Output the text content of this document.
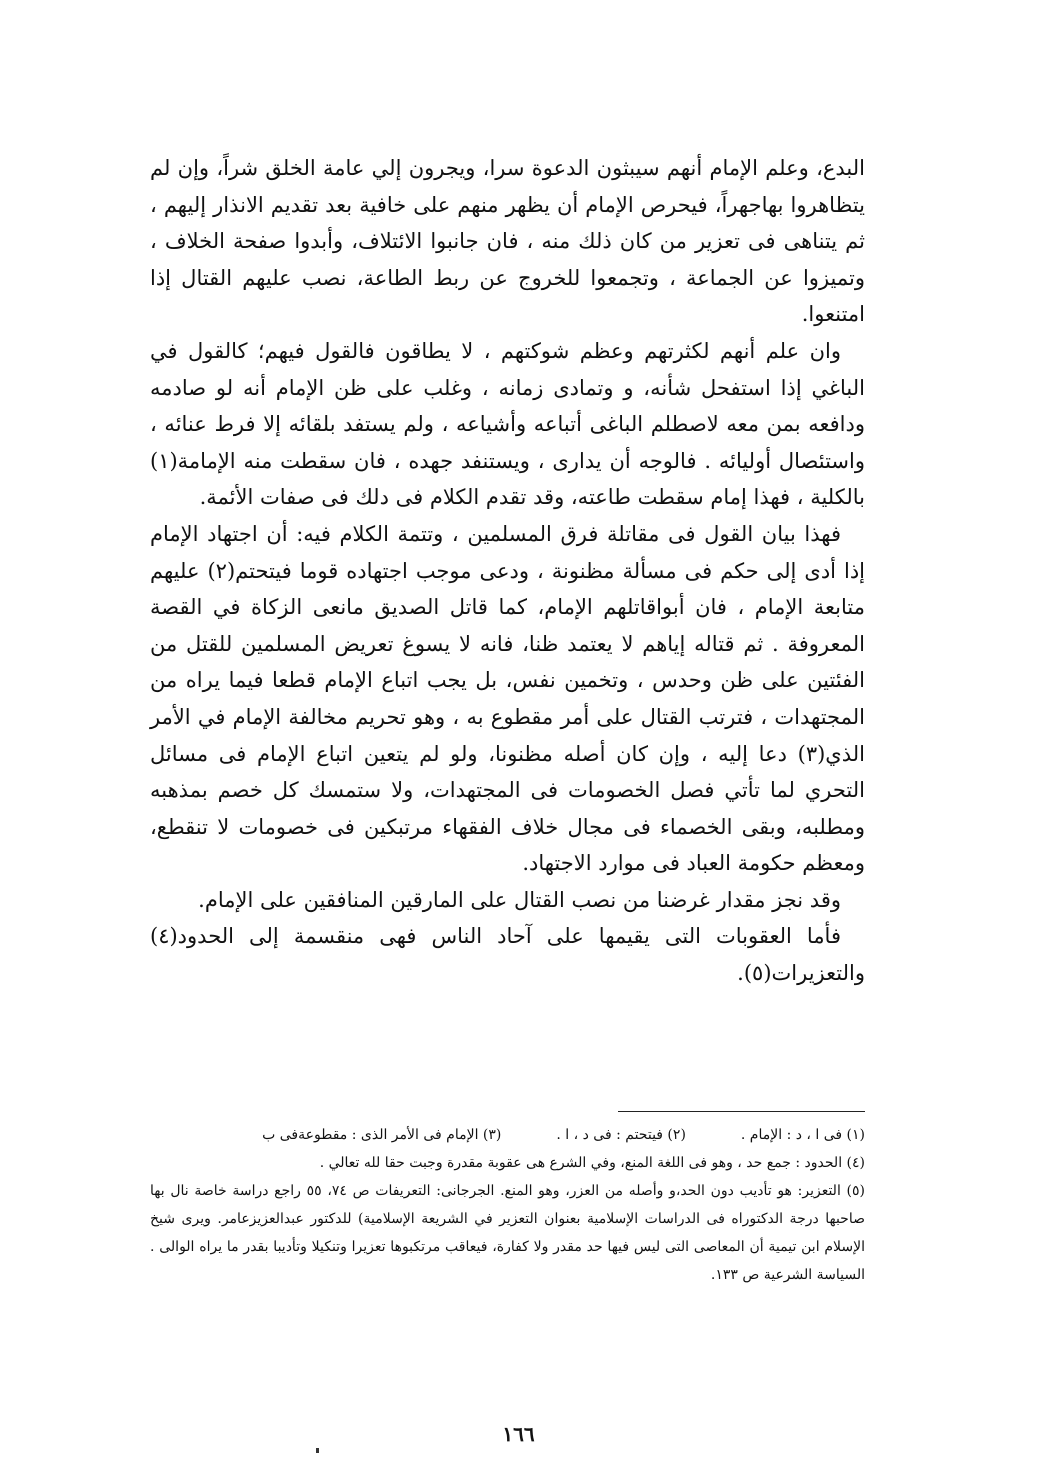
البدع، وعلم الإمام أنهم سيبثون الدعوة سرا، ويجرون إلي عامة الخلق شراً، وإن لم يتظاهروا بهاجهراً، فيحرص الإمام أن يظهر منهم على خافية بعد تقديم الانذار إليهم ، ثم يتناهى فى تعزير من كان ذلك منه ، فان جانبوا الائتلاف، وأبدوا صفحة الخلاف ، وتميزوا عن الجماعة ، وتجمعوا للخروج عن ربط الطاعة، نصب عليهم القتال إذا امتنعوا.

وان علم أنهم لكثرتهم وعظم شوكتهم ، لا يطاقون فالقول فيهم؛ كالقول في الباغي إذا استفحل شأنه، و وتمادى زمانه ، وغلب على ظن الإمام أنه لو صادمه ودافعه بمن معه لاصطلم الباغى أتباعه وأشياعه ، ولم يستفد بلقائه إلا فرط عنائه ، واستئصال أوليائه . فالوجه أن يدارى ، ويستنفد جهده ، فان سقطت منه الإمامة(١) بالكلية ، فهذا إمام سقطت طاعته، وقد تقدم الكلام فى دلك فى صفات الأئمة.

فهذا بيان القول فى مقاتلة فرق المسلمين ، وتتمة الكلام فيه: أن اجتهاد الإمام إذا أدى إلى حكم فى مسألة مظنونة ، ودعى موجب اجتهاده قوما فيتحتم(٢) عليهم متابعة الإمام ، فان أبواقاتلهم الإمام، كما قاتل الصديق مانعى الزكاة في القصة المعروفة . ثم قتاله إياهم لا يعتمد ظنا، فانه لا يسوغ تعريض المسلمين للقتل من الفئتين على ظن وحدس ، وتخمين نفس، بل يجب اتباع الإمام قطعا فيما يراه من المجتهدات ، فترتب القتال على أمر مقطوع به ، وهو تحريم مخالفة الإمام في الأمر الذي(٣) دعا إليه ، وإن كان أصله مظنونا، ولو لم يتعين اتباع الإمام فى مسائل التحري لما تأتي فصل الخصومات فى المجتهدات، ولا ستمسك كل خصم بمذهبه ومطلبه، وبقى الخصماء فى مجال خلاف الفقهاء مرتبكين فى خصومات لا تنقطع، ومعظم حكومة العباد فى موارد الاجتهاد.

وقد نجز مقدار غرضنا من نصب القتال على المارقين المنافقين على الإمام.

فأما العقوبات التى يقيمها على آحاد الناس فهى منقسمة إلى الحدود(٤) والتعزيرات(٥).

(١) فى ا ، د : الإمام .
(٢) فيتحتم : فى د ، ا .
(٣) الإمام فى الأمر الذى : مقطوعةفى ب

(٤) الحدود : جمع حد ، وهو فى اللغة المنع، وفي الشرع هى عقوبة مقدرة وجبت حقا لله تعالي .

(٥) التعزير: هو تأديب دون الحد،و وأصله من العزر، وهو المنع. الجرجانى: التعريفات ص ٧٤، ٥٥ راجع دراسة خاصة نال بها صاحبها درجة الدكتوراه فى الدراسات الإسلامية بعنوان التعزير في الشريعة الإسلامية) للدكتور عبدالعزيزعامر. ويرى شيخ الإسلام ابن تيمية أن المعاصى التى ليس فيها حد مقدر ولا كفارة، فيعاقب مرتكبوها تعزيرا وتنكيلا وتأديبا بقدر ما يراه الوالى . السياسة الشرعية ص ١٣٣.

١٦٦
